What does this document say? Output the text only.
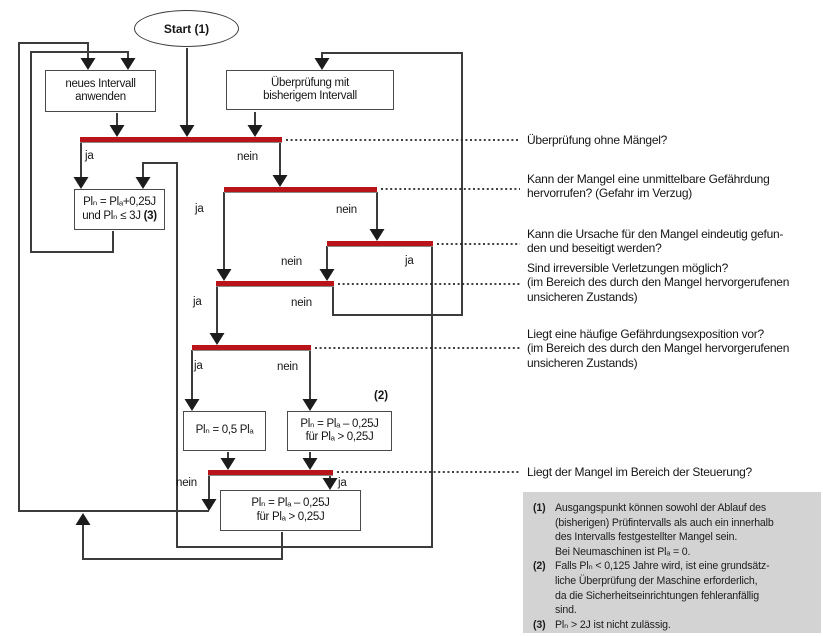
Start (1)
neues Intervall
anwenden
Überprüfung mit
bisherigem Intervall
Plₙ = Plₐ+0,25J
und Plₙ ≤ 3J (3)
Plₙ = 0,5 Plₐ
Plₙ = Plₐ – 0,25J
für Plₐ > 0,25J
(2)
Plₙ = Plₐ – 0,25J
für Plₐ > 0,25J
ja	nein
ja	nein
nein	ja
ja	nein
ja	nein
nein	ja
Überprüfung ohne Mängel?
Kann der Mangel eine unmittelbare Gefährdung
hervorrufen? (Gefahr im Verzug)
Kann die Ursache für den Mangel eindeutig gefun-
den und beseitigt werden?
Sind irreversible Verletzungen möglich?
(im Bereich des durch den Mangel hervorgerufenen
unsicheren Zustands)
Liegt eine häufige Gefährdungsexposition vor?
(im Bereich des durch den Mangel hervorgerufenen
unsicheren Zustands)
Liegt der Mangel im Bereich der Steuerung?
(1) Ausgangspunkt können sowohl der Ablauf des
(bisherigen) Prüfintervalls als auch ein innerhalb
des Intervalls festgestellter Mangel sein.
Bei Neumaschinen ist Plₐ = 0.
(2) Falls Plₙ < 0,125 Jahre wird, ist eine grundsätz-
liche Überprüfung der Maschine erforderlich,
da die Sicherheitseinrichtungen fehleranfällig
sind.
(3) Plₙ > 2J ist nicht zulässig.
